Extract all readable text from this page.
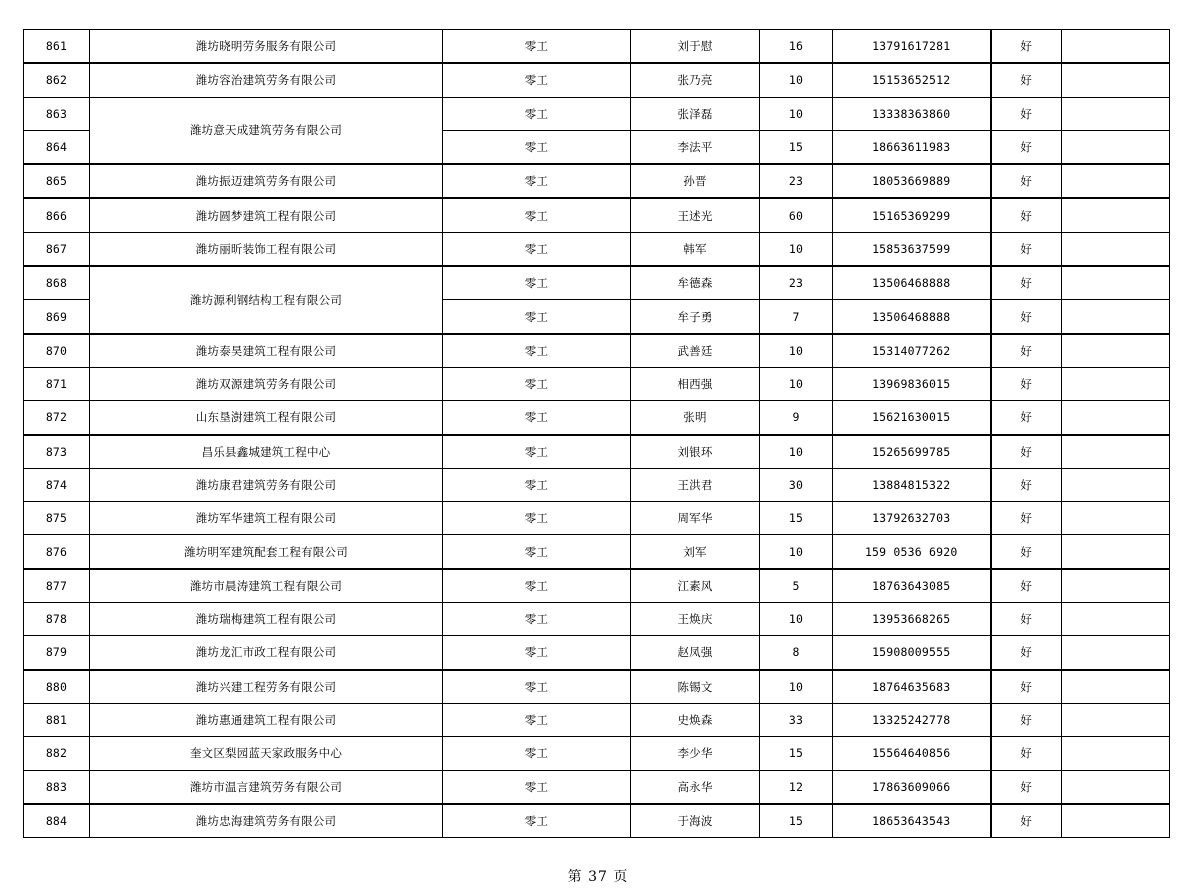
861	潍坊晓明劳务服务有限公司	零工	刘于慰	16	13791617281	好	
862	潍坊容治建筑劳务有限公司	零工	张乃亮	10	15153652512	好	
863	潍坊意天成建筑劳务有限公司	零工	张泽磊	10	13338363860	好	
864		零工	李法平	15	18663611983	好	
865	潍坊振迈建筑劳务有限公司	零工	孙晋	23	18053669889	好	
866	潍坊圆梦建筑工程有限公司	零工	王述光	60	15165369299	好	
867	潍坊丽昕装饰工程有限公司	零工	韩军	10	15853637599	好	
868	潍坊源利钢结构工程有限公司	零工	牟德森	23	13506468888	好	
869		零工	牟子勇	7	13506468888	好	
870	潍坊泰昊建筑工程有限公司	零工	武善廷	10	15314077262	好	
871	潍坊双源建筑劳务有限公司	零工	相西强	10	13969836015	好	
872	山东垦澍建筑工程有限公司	零工	张明	9	15621630015	好	
873	昌乐县鑫城建筑工程中心	零工	刘银环	10	15265699785	好	
874	潍坊康君建筑劳务有限公司	零工	王洪君	30	13884815322	好	
875	潍坊军华建筑工程有限公司	零工	周军华	15	13792632703	好	
876	潍坊明军建筑配套工程有限公司	零工	刘军	10	159 0536 6920	好	
877	潍坊市晨涛建筑工程有限公司	零工	江素风	5	18763643085	好	
878	潍坊瑞梅建筑工程有限公司	零工	王焕庆	10	13953668265	好	
879	潍坊龙汇市政工程有限公司	零工	赵凤强	8	15908009555	好	
880	潍坊兴建工程劳务有限公司	零工	陈锡文	10	18764635683	好	
881	潍坊惠通建筑工程有限公司	零工	史焕森	33	13325242778	好	
882	奎文区梨园蓝天家政服务中心	零工	李少华	15	15564640856	好	
883	潍坊市温言建筑劳务有限公司	零工	高永华	12	17863609066	好	
884	潍坊忠海建筑劳务有限公司	零工	于海波	15	18653643543	好	
第 37 页
